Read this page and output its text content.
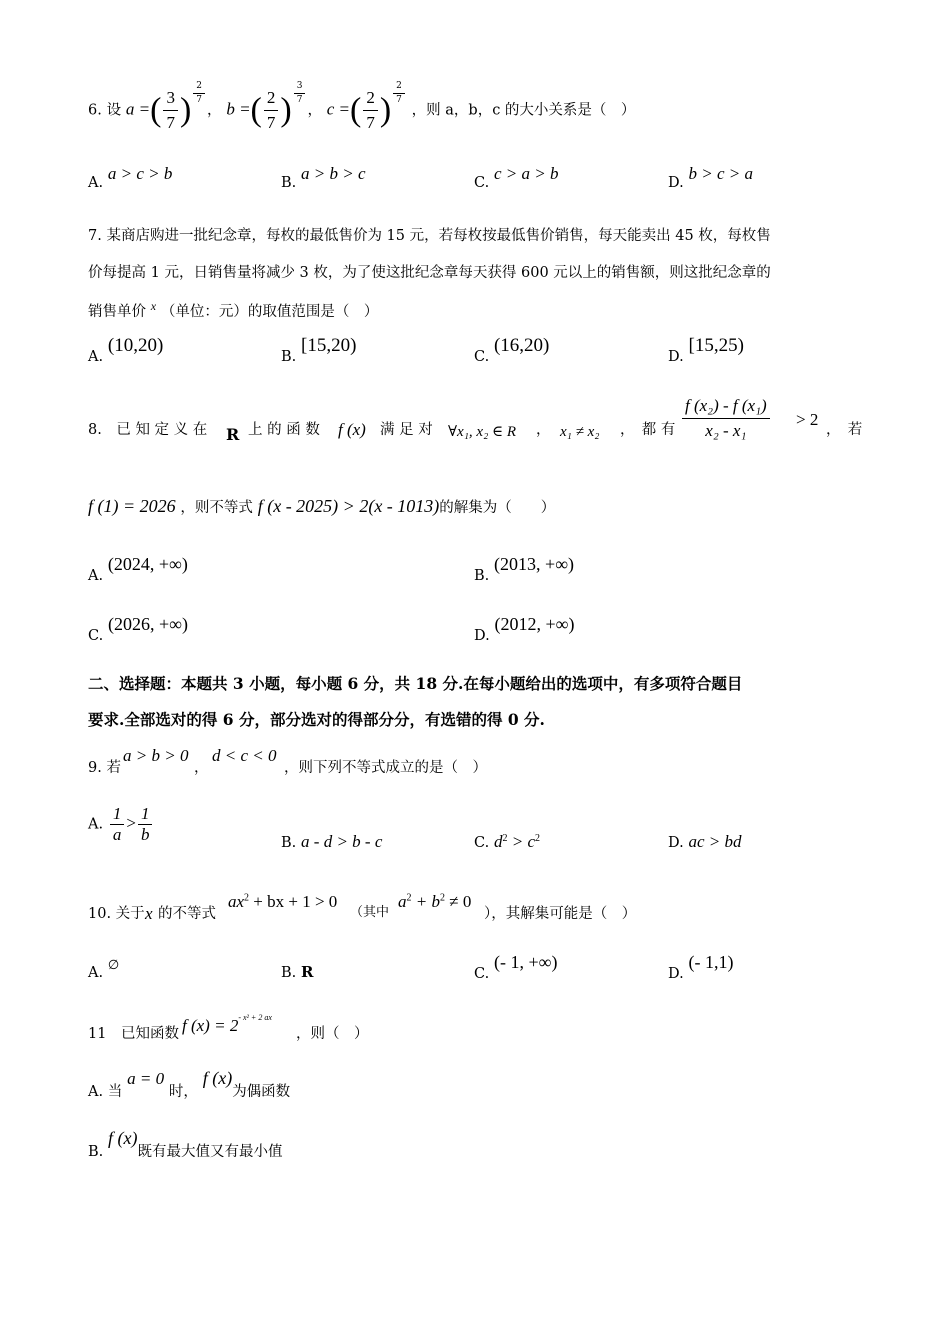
6. 设 a =( $\frac{3}{7}$ ) $^{\frac{2}{7}}$
， b =( $\frac{2}{7}$ ) $^{\frac{3}{7}}$
， c =( $\frac{2}{7}$ ) $^{\frac{2}{7}}$
，则 a，b，c 的大小关系是（　）
A. a > c > b	B. a > b > c	C. c > a > b	D. b > c > a
7. 某商店购进一批纪念章，每枚的最低售价为 15 元，若每枚按最低售价销售，每天能卖出 45 枚，每枚售
价每提高 1 元，日销售量将减少 3 枚，为了使这批纪念章每天获得 600 元以上的销售额，则这批纪念章的
销售单价 $^x$ （单位：元）的取值范围是（　）
A. (10,20)
B. [15,20)
C. (16,20)
D. [15,25)
8.　已 知 定 义 在 R 上 的 函 数 f (x) 满 足 对 ∀x₁, x₂ ∈ R ， x₁ ≠ x₂ ，　都 有 $\frac{\text{f (x₂) - f (x₁)}}{\text{x₂ - x₁}} > 2$
，　若
f (1) = 2026 ，则不等式 f (x - 2025) > 2(x - 1013)的解集为（　　）
A. (2024, +∞)
B. (2013, +∞)
C. (2026, +∞)
D. (2012, +∞)
二、选择题：本题共 3 小题，每小题 6 分，共 18 分.在每小题给出的选项中，有多项符合题目
要求.全部选对的得 6 分，部分选对的得部分分，有选错的得 0 分.
9. 若
a > b > 0
，
d < c < 0
，则下列不等式成立的是（　）
A. $\frac{1}{a} > \frac{1}{b}$	B. a - d > b - c	C. $d^2 > c^2$	D. ac > bd
10. 关于 x 的不等式
$ax^2$ + bx + 1 > 0
（其中
$a^2 + b^2 \ne 0$
），其解集可能是（　）
A. ∅
B. R	C. (- 1, +∞)
D. (- 1,1)
11　已知函数 f $(x) = 2^{- x^2 + 2 ax}$
，则（　）
A. 当 a = 0 时， f (x)为偶函数
B. f (x)既有最大值又有最小值
